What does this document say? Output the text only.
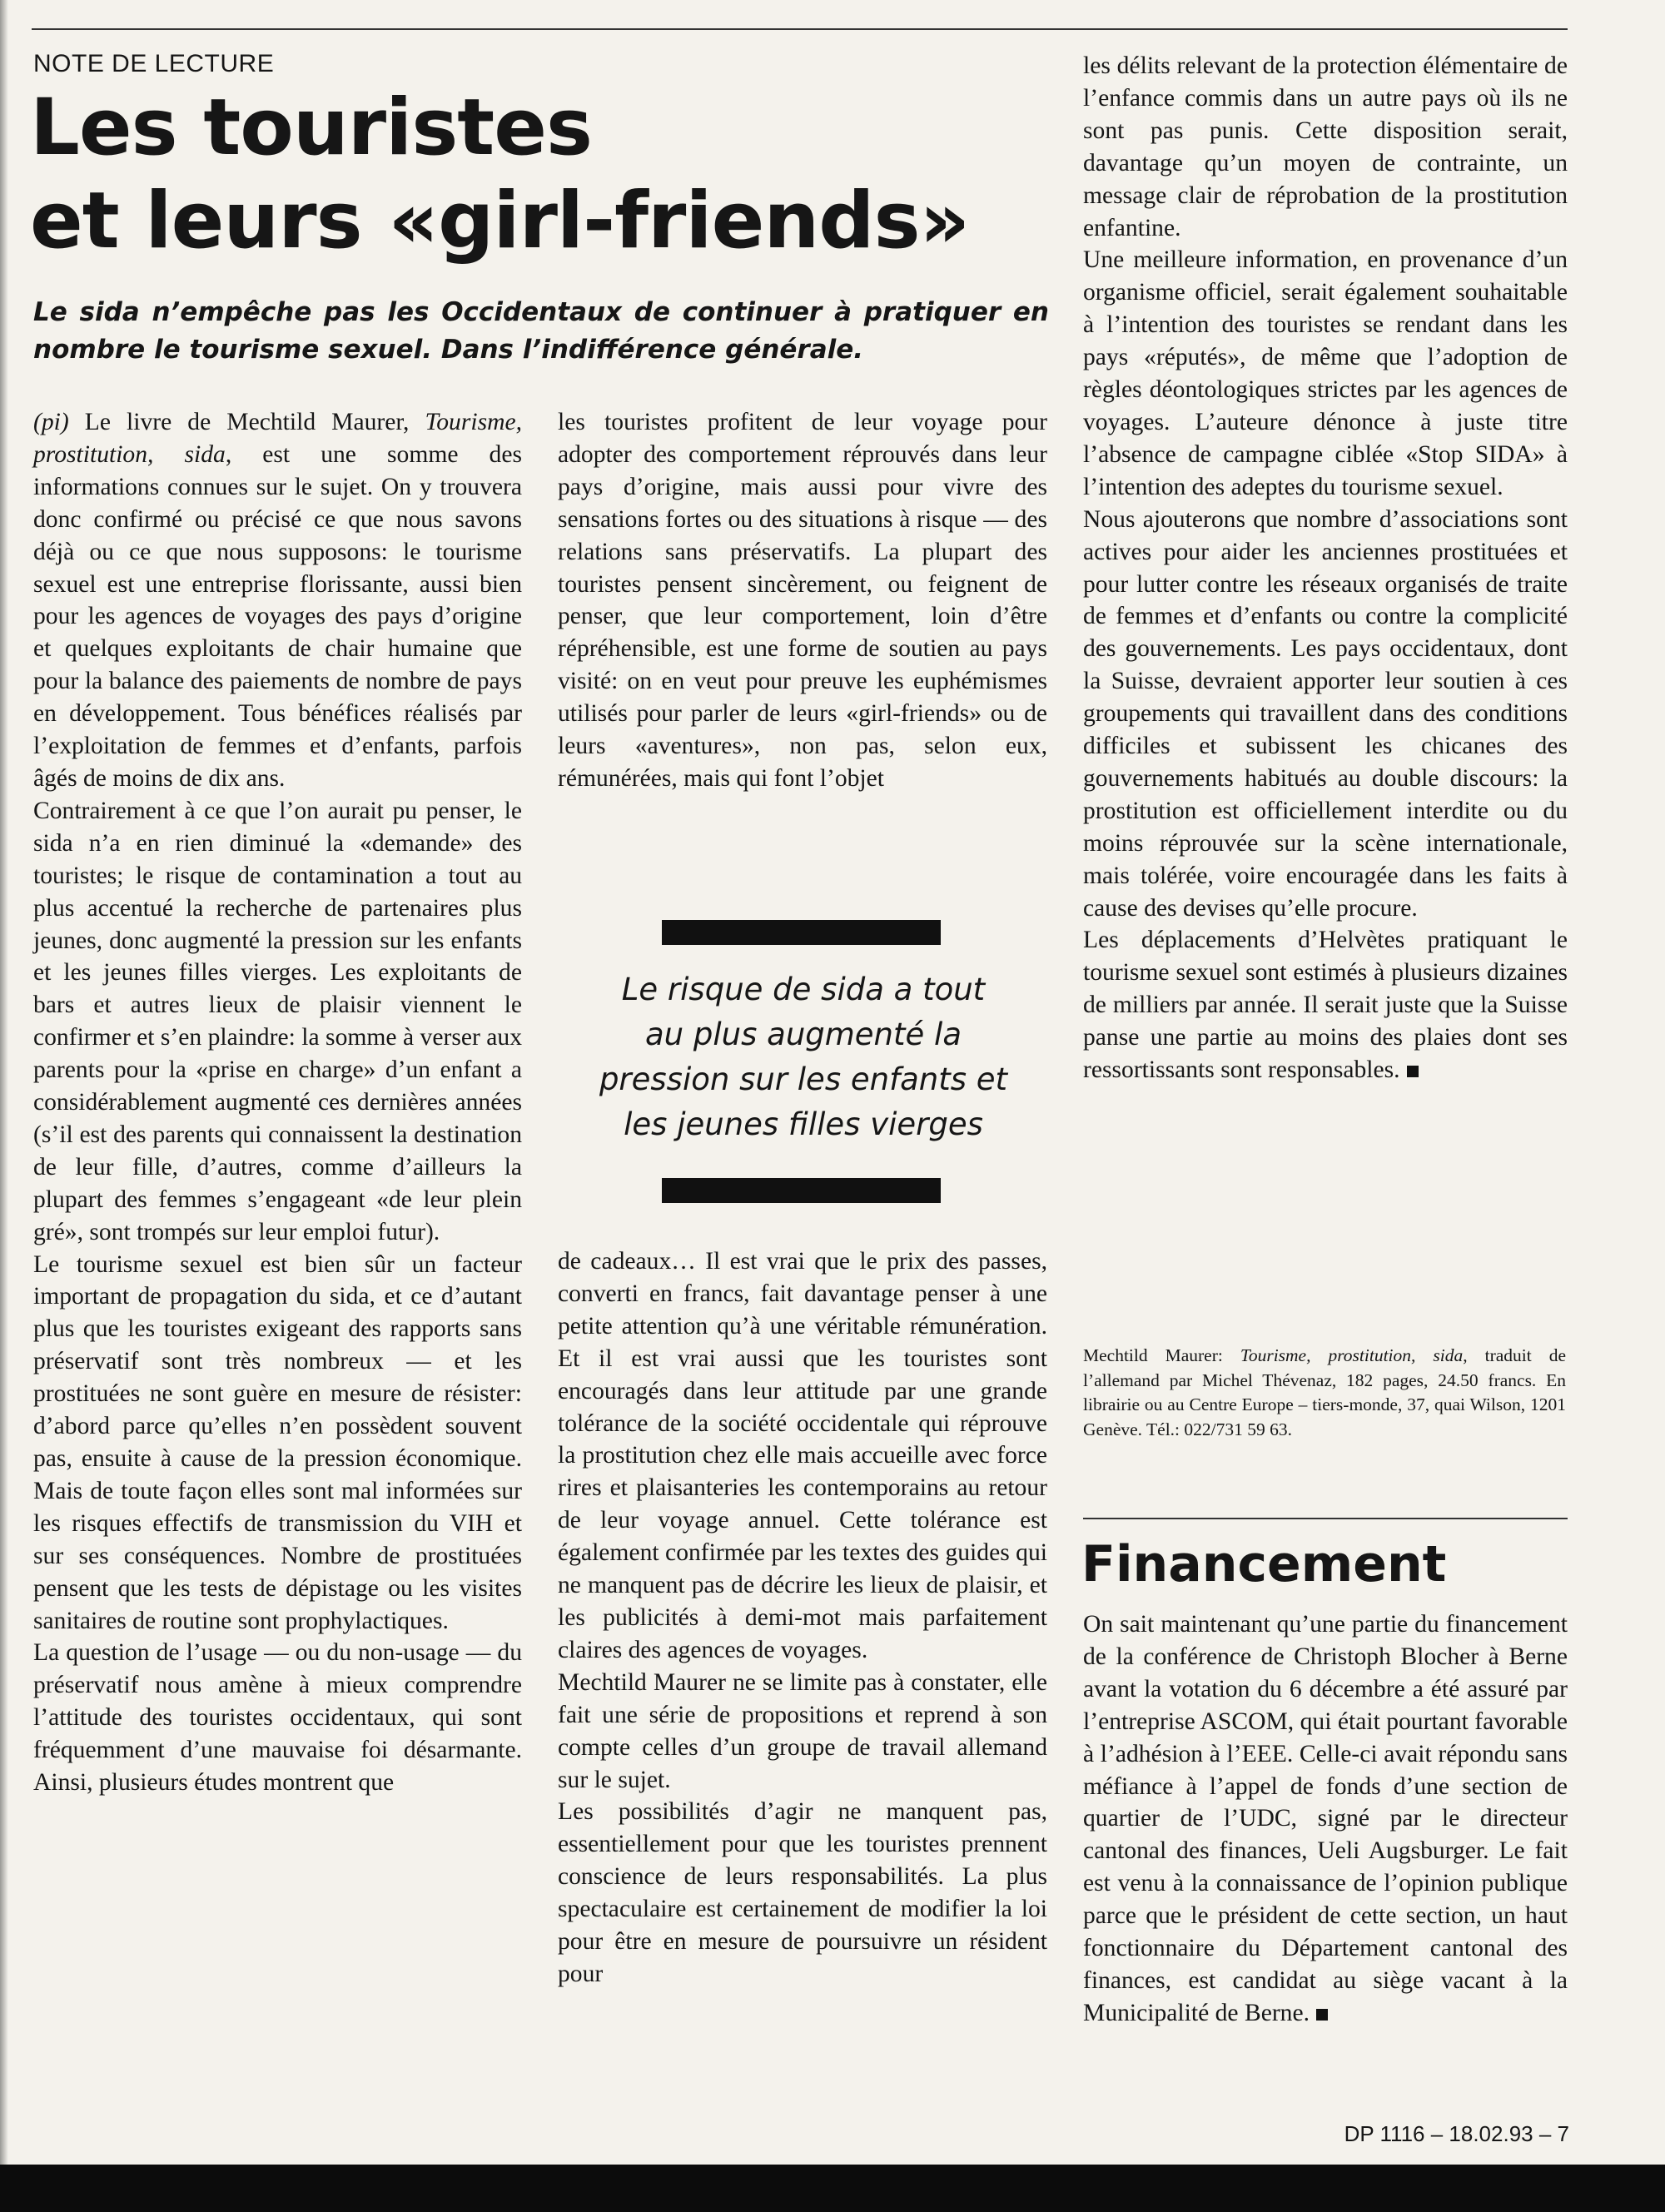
NOTE DE LECTURE
Les touristes
et leurs «girl-friends»
Le sida n’empêche pas les Occidentaux de continuer à pratiquer en nombre le tourisme sexuel. Dans l’indifférence générale.

(pi) Le livre de Mechtild Maurer, Tourisme, prostitution, sida, est une somme des informations connues sur le sujet. On y trouvera donc confirmé ou précisé ce que nous savons déjà ou ce que nous supposons: le tourisme sexuel est une entreprise florissante, aussi bien pour les agences de voyages des pays d’origine et quelques exploitants de chair humaine que pour la balance des paiements de nombre de pays en développement. Tous bénéfices réalisés par l’exploitation de femmes et d’enfants, parfois âgés de moins de dix ans.

Contrairement à ce que l’on aurait pu penser, le sida n’a en rien diminué la «demande» des touristes; le risque de contamination a tout au plus accentué la recherche de partenaires plus jeunes, donc augmenté la pression sur les enfants et les jeunes filles vierges. Les exploitants de bars et autres lieux de plaisir viennent le confirmer et s’en plaindre: la somme à verser aux parents pour la «prise en charge» d’un enfant a considérablement augmenté ces dernières années (s’il est des parents qui connaissent la destination de leur fille, d’autres, comme d’ailleurs la plupart des femmes s’engageant «de leur plein gré», sont trompés sur leur emploi futur).

Le tourisme sexuel est bien sûr un facteur important de propagation du sida, et ce d’autant plus que les touristes exigeant des rapports sans préservatif sont très nombreux — et les prostituées ne sont guère en mesure de résister: d’abord parce qu’elles n’en possèdent souvent pas, ensuite à cause de la pression économique. Mais de toute façon elles sont mal informées sur les risques effectifs de transmission du VIH et sur ses conséquences. Nombre de prostituées pensent que les tests de dépistage ou les visites sanitaires de routine sont prophylactiques.

La question de l’usage — ou du non-usage — du préservatif nous amène à mieux comprendre l’attitude des touristes occidentaux, qui sont fréquemment d’une mauvaise foi désarmante. Ainsi, plusieurs études montrent que

les touristes profitent de leur voyage pour adopter des comportement réprouvés dans leur pays d’origine, mais aussi pour vivre des sensations fortes ou des situations à risque — des relations sans préservatifs. La plupart des touristes pensent sincèrement, ou feignent de penser, que leur comportement, loin d’être répréhensible, est une forme de soutien au pays visité: on en veut pour preuve les euphémismes utilisés pour parler de leurs «girl-friends» ou de leurs «aventures», non pas, selon eux, rémunérées, mais qui font l’objet

Le risque de sida a tout
au plus augmenté la
pression sur les enfants et
les jeunes filles vierges

de cadeaux… Il est vrai que le prix des passes, converti en francs, fait davantage penser à une petite attention qu’à une véritable rémunération. Et il est vrai aussi que les touristes sont encouragés dans leur attitude par une grande tolérance de la société occidentale qui réprouve la prostitution chez elle mais accueille avec force rires et plaisanteries les contemporains au retour de leur voyage annuel. Cette tolérance est également confirmée par les textes des guides qui ne manquent pas de décrire les lieux de plaisir, et les publicités à demi-mot mais parfaitement claires des agences de voyages.

Mechtild Maurer ne se limite pas à constater, elle fait une série de propositions et reprend à son compte celles d’un groupe de travail allemand sur le sujet.

Les possibilités d’agir ne manquent pas, essentiellement pour que les touristes prennent conscience de leurs responsabilités. La plus spectaculaire est certainement de modifier la loi pour être en mesure de poursuivre un résident pour

les délits relevant de la protection élémentaire de l’enfance commis dans un autre pays où ils ne sont pas punis. Cette disposition serait, davantage qu’un moyen de contrainte, un message clair de réprobation de la prostitution enfantine.

Une meilleure information, en provenance d’un organisme officiel, serait également souhaitable à l’intention des touristes se rendant dans les pays «réputés», de même que l’adoption de règles déontologiques strictes par les agences de voyages. L’auteure dénonce à juste titre l’absence de campagne ciblée «Stop SIDA» à l’intention des adeptes du tourisme sexuel.

Nous ajouterons que nombre d’associations sont actives pour aider les anciennes prostituées et pour lutter contre les réseaux organisés de traite de femmes et d’enfants ou contre la complicité des gouvernements. Les pays occidentaux, dont la Suisse, devraient apporter leur soutien à ces groupements qui travaillent dans des conditions difficiles et subissent les chicanes des gouvernements habitués au double discours: la prostitution est officiellement interdite ou du moins réprouvée sur la scène internationale, mais tolérée, voire encouragée dans les faits à cause des devises qu’elle procure.

Les déplacements d’Helvètes pratiquant le tourisme sexuel sont estimés à plusieurs dizaines de milliers par année. Il serait juste que la Suisse panse une partie au moins des plaies dont ses ressortissants sont responsables.

Mechtild Maurer: Tourisme, prostitution, sida, traduit de l’allemand par Michel Thévenaz, 182 pages, 24.50 francs. En librairie ou au Centre Europe – tiers-monde, 37, quai Wilson, 1201 Genève. Tél.: 022/731 59 63.
Financement

On sait maintenant qu’une partie du financement de la conférence de Christoph Blocher à Berne avant la votation du 6 décembre a été assuré par l’entreprise ASCOM, qui était pourtant favorable à l’adhésion à l’EEE. Celle-ci avait répondu sans méfiance à l’appel de fonds d’une section de quartier de l’UDC, signé par le directeur cantonal des finances, Ueli Augsburger. Le fait est venu à la connaissance de l’opinion publique parce que le président de cette section, un haut fonctionnaire du Département cantonal des finances, est candidat au siège vacant à la Municipalité de Berne.

DP 1116 – 18.02.93 – 7
